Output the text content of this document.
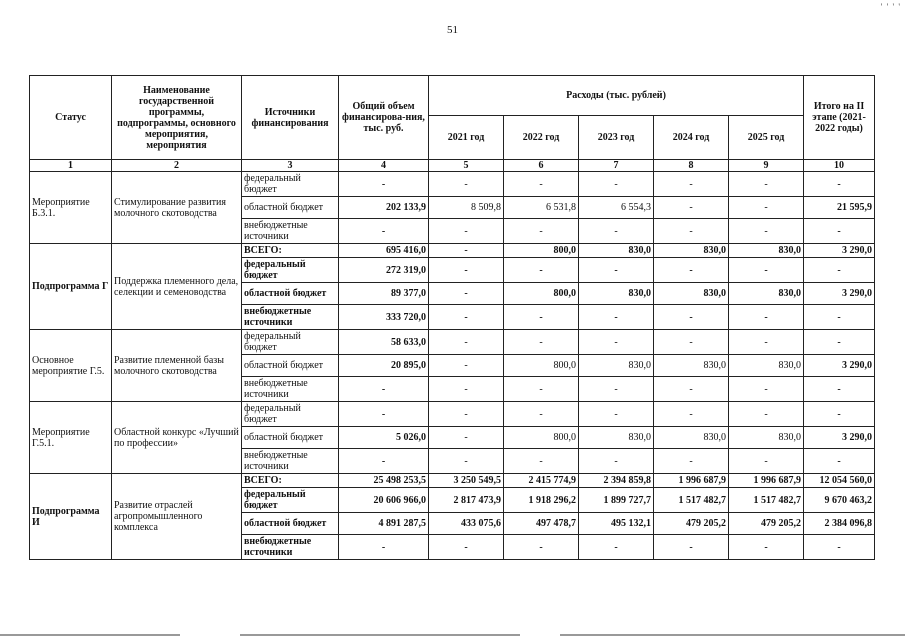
' ' ' '
51
Статус	Наименование государственной программы, подпрограммы, основного мероприятия, мероприятия	Источники финансирования	Общий объем финансирова-ния, тыс. руб.	Расходы (тыс. рублей)					Итого на II этапе (2021-2022 годы)
				2021 год	2022 год	2023 год	2024 год	2025 год	
1	2	3	4	5	6	7	8	9	10
Мероприятие Б.3.1.	Стимулирование развития молочного скотоводства	федеральный бюджет	-	-	-	-	-	-	-
		областной бюджет	202 133,9	8 509,8	6 531,8	6 554,3	-	-	21 595,9
		внебюджетные источники	-	-	-	-	-	-	-
Подпрограмма Г	Поддержка племенного дела, селекции и семеноводства	ВСЕГО:	695 416,0	-	800,0	830,0	830,0	830,0	3 290,0
		федеральный бюджет	272 319,0	-	-	-	-	-	-
		областной бюджет	89 377,0	-	800,0	830,0	830,0	830,0	3 290,0
		внебюджетные источники	333 720,0	-	-	-	-	-	-
Основное мероприятие Г.5.	Развитие племенной базы молочного скотоводства	федеральный бюджет	58 633,0	-	-	-	-	-	-
		областной бюджет	20 895,0	-	800,0	830,0	830,0	830,0	3 290,0
		внебюджетные источники	-	-	-	-	-	-	-
Мероприятие Г.5.1.	Областной конкурс «Лучший по профессии»	федеральный бюджет	-	-	-	-	-	-	-
		областной бюджет	5 026,0	-	800,0	830,0	830,0	830,0	3 290,0
		внебюджетные источники	-	-	-	-	-	-	-
Подпрограмма И	Развитие отраслей агропромышленного комплекса	ВСЕГО:	25 498 253,5	3 250 549,5	2 415 774,9	2 394 859,8	1 996 687,9	1 996 687,9	12 054 560,0
		федеральный бюджет	20 606 966,0	2 817 473,9	1 918 296,2	1 899 727,7	1 517 482,7	1 517 482,7	9 670 463,2
		областной бюджет	4 891 287,5	433 075,6	497 478,7	495 132,1	479 205,2	479 205,2	2 384 096,8
		внебюджетные источники	-	-	-	-	-	-	-
